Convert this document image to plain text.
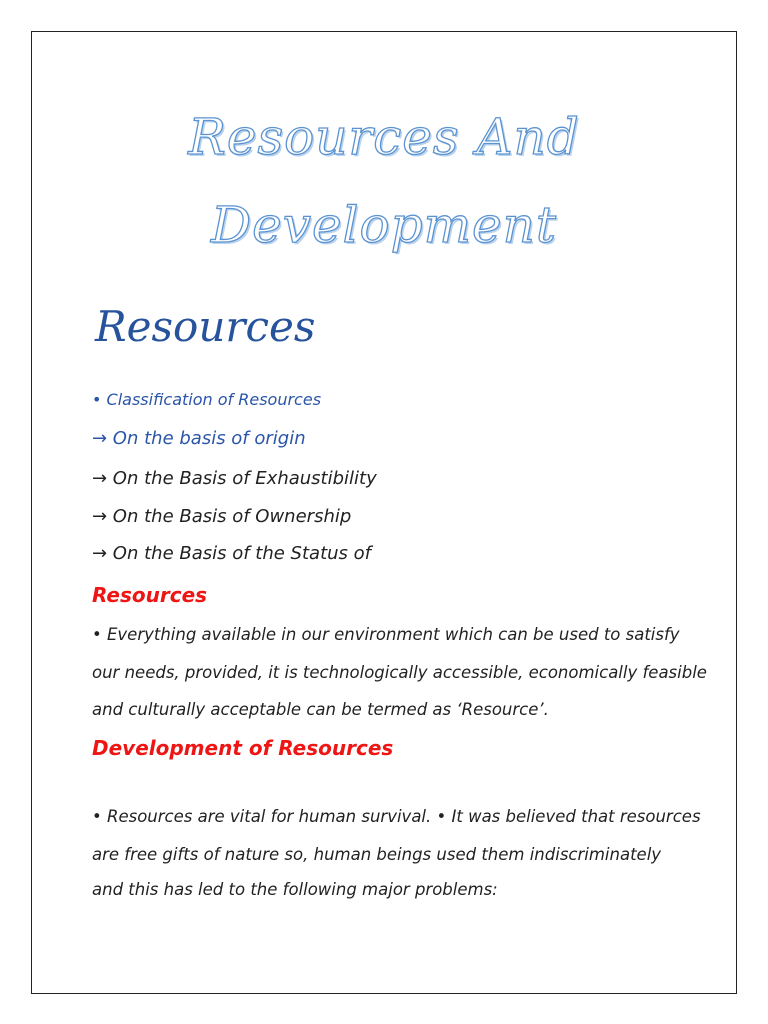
Resources And
Development
Resources
• Classification of Resources
→ On the basis of origin
→ On the Basis of Exhaustibility
→ On the Basis of Ownership
→ On the Basis of the Status of
Resources
• Everything available in our environment which can be used to satisfy
our needs, provided, it is technologically accessible, economically feasible
and culturally acceptable can be termed as ‘Resource’.
Development of Resources
• Resources are vital for human survival. • It was believed that resources
are free gifts of nature so, human beings used them indiscriminately
and this has led to the following major problems:
